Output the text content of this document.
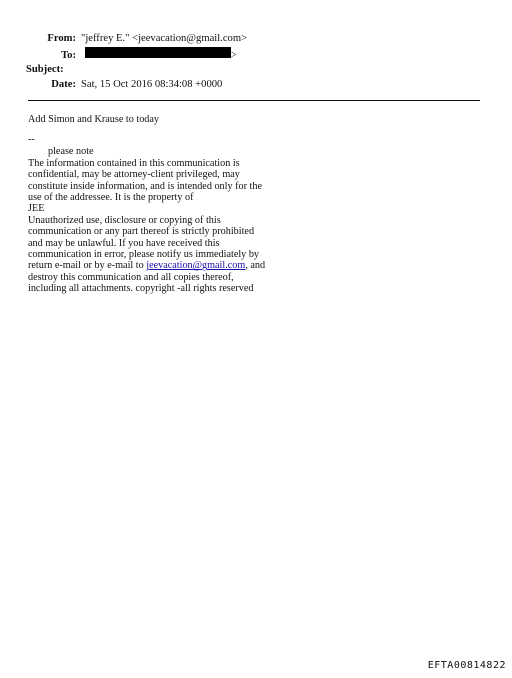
From: "jeffrey E." <jeevacation@gmail.com>
To:	>
Subject:
Date: Sat, 15 Oct 2016 08:34:08 +0000

Add Simon and Krause to today

--

please note

The information contained in this communication is confidential, may be attorney-client privileged, may constitute inside information, and is intended only for the use of the addressee. It is the property of

JEE

Unauthorized use, disclosure or copying of this communication or any part thereof is strictly prohibited and may be unlawful. If you have received this communication in error, please notify us immediately by return e-mail or by e-mail to jeevacation@gmail.com, and destroy this communication and all copies thereof, including all attachments. copyright -all rights reserved

EFTA00814822
